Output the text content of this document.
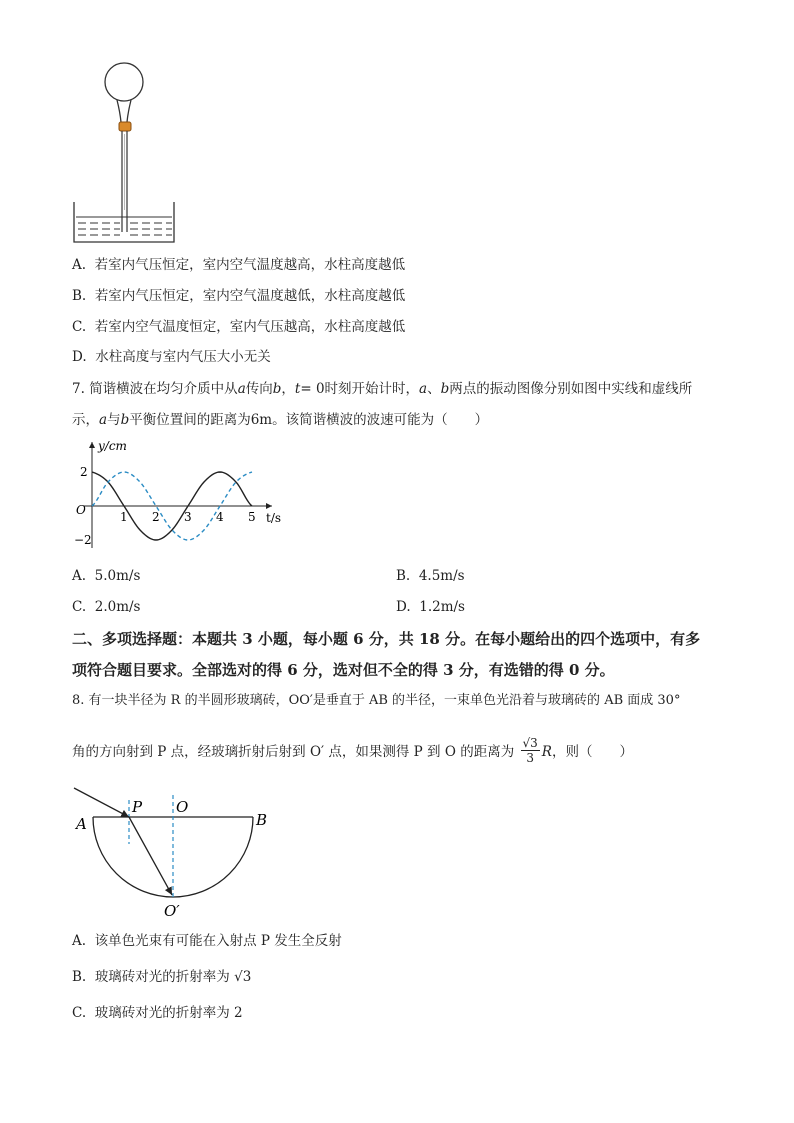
A. 若室内气压恒定，室内空气温度越高，水柱高度越低
B. 若室内气压恒定，室内空气温度越低，水柱高度越低
C. 若室内空气温度恒定，室内气压越高，水柱高度越低
D. 水柱高度与室内气压大小无关
7. 简谐横波在均匀介质中从a传向b，t= 0时刻开始计时，a、b两点的振动图像分别如图中实线和虚线所
示，a与b平衡位置间的距离为6m。该简谐横波的波速可能为（　　）
1 2 3 4 5
2
−2
y/cm
t/s
O
A. 5.0m/s	B. 4.5m/s
C. 2.0m/s	D. 1.2m/s
二、多项选择题：本题共 3 小题，每小题 6 分，共 18 分。在每小题给出的四个选项中，有多
项符合题目要求。全部选对的得 6 分，选对但不全的得 3 分，有选错的得 0 分。
8. 有一块半径为 R 的半圆形玻璃砖，OO′是垂直于 AB 的半径，一束单色光沿着与玻璃砖的 AB 面成 30°
角的方向射到 P 点，经玻璃折射后射到 O′ 点，如果测得 P 到 O 的距离为 $\frac{√3}{3}$ R，则（　　）
A	B
P O
O′
A. 该单色光束有可能在入射点 P 发生全反射
B. 玻璃砖对光的折射率为 √3
C. 玻璃砖对光的折射率为 2
